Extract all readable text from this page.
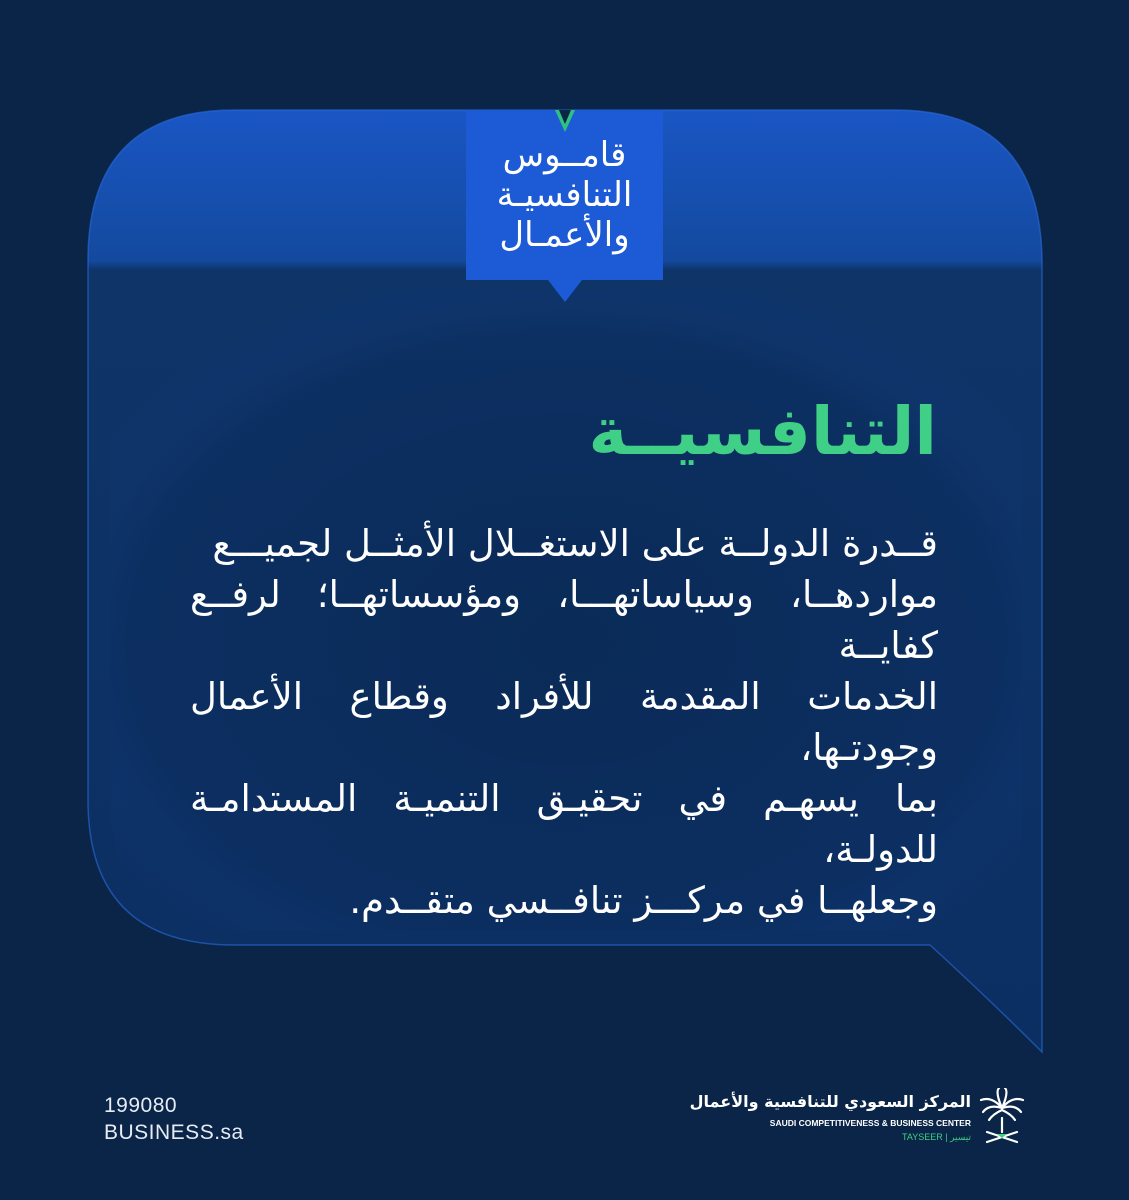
قامــوس
التنافسيـة
والأعمـال
التنافسيــة
قــدرة الدولــة على الاستغــلال الأمثــل لجميـــع
مواردهــا، وسياساتهـــا، ومؤسساتهــا؛ لرفــع كفايــة
الخدمات المقدمة للأفراد وقطاع الأعمال وجودتـها،
بما يسهـم في تحقيـق التنميـة المستدامـة للدولـة،
وجعلهــا في مركـــز تنافــسي متقــدم.
199080
BUSINESS.sa
المركز السعودي للتنافسية والأعمال
SAUDI COMPETITIVENESS & BUSINESS CENTER
TAYSEER | تيسير
